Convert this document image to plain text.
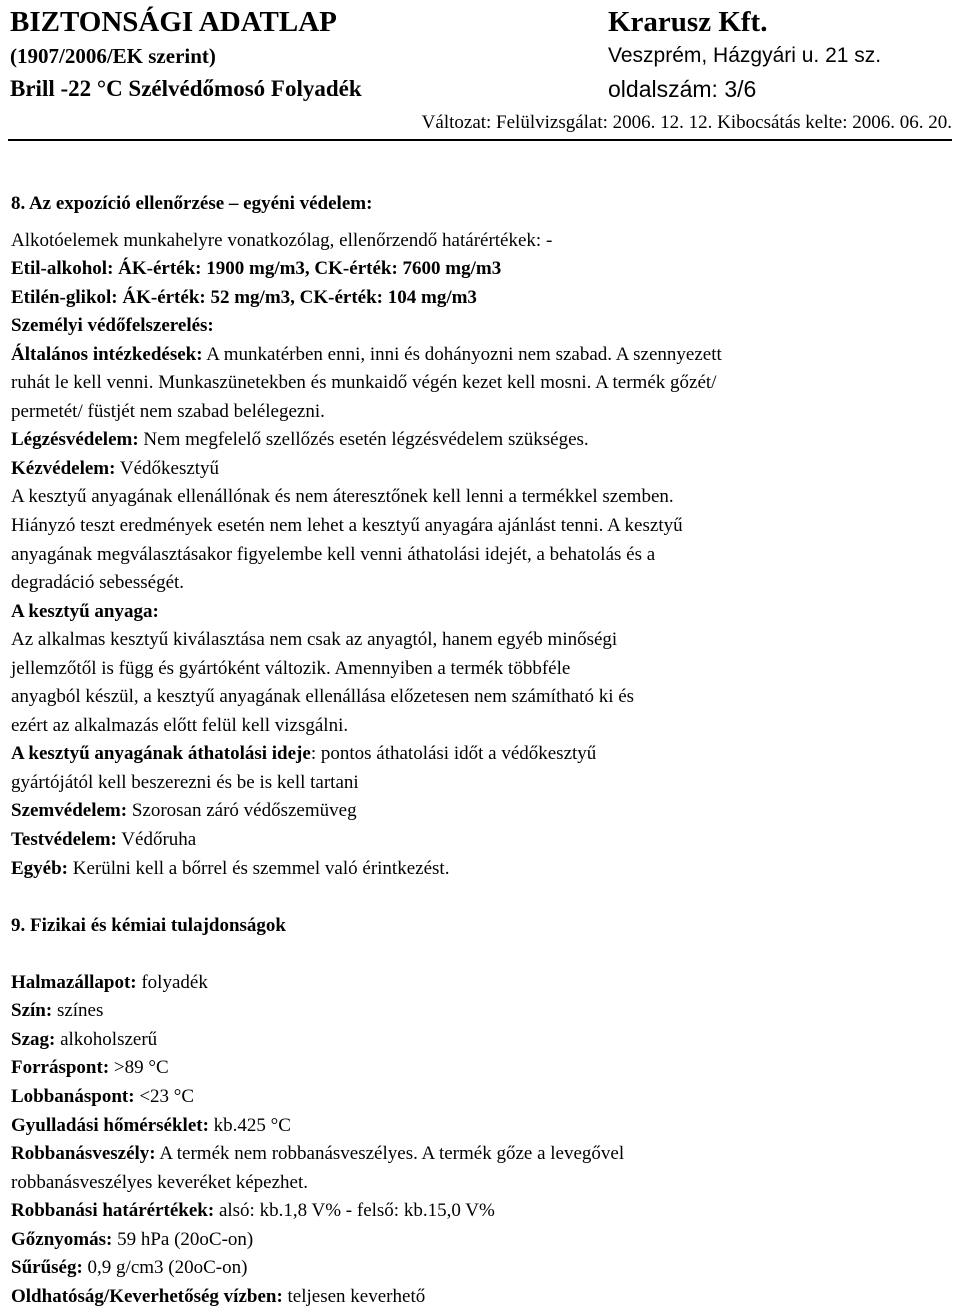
BIZTONSÁGI ADATLAP	Krarusz Kft.
(1907/2006/EK szerint)	Veszprém, Házgyári u. 21 sz.
Brill -22 °C Szélvédőmosó Folyadék	oldalszám: 3/6
Változat: Felülvizsgálat: 2006. 12. 12. Kibocsátás kelte: 2006. 06. 20.

8. Az expozíció ellenőrzése – egyéni védelem:

Alkotóelemek munkahelyre vonatkozólag, ellenőrzendő határértékek: -

Etil-alkohol: ÁK-érték: 1900 mg/m3, CK-érték: 7600 mg/m3

Etilén-glikol: ÁK-érték: 52 mg/m3, CK-érték: 104 mg/m3

Személyi védőfelszerelés:

Általános intézkedések: A munkatérben enni, inni és dohányozni nem szabad. A szennyezett

ruhát le kell venni. Munkaszünetekben és munkaidő végén kezet kell mosni. A termék gőzét/

permetét/ füstjét nem szabad belélegezni.

Légzésvédelem: Nem megfelelő szellőzés esetén légzésvédelem szükséges.

Kézvédelem: Védőkesztyű

A kesztyű anyagának ellenállónak és nem áteresztőnek kell lenni a termékkel szemben.

Hiányzó teszt eredmények esetén nem lehet a kesztyű anyagára ajánlást tenni. A kesztyű

anyagának megválasztásakor figyelembe kell venni áthatolási idejét, a behatolás és a

degradáció sebességét.

A kesztyű anyaga:

Az alkalmas kesztyű kiválasztása nem csak az anyagtól, hanem egyéb minőségi

jellemzőtől is függ és gyártóként változik. Amennyiben a termék többféle

anyagból készül, a kesztyű anyagának ellenállása előzetesen nem számítható ki és

ezért az alkalmazás előtt felül kell vizsgálni.

A kesztyű anyagának áthatolási ideje: pontos áthatolási időt a védőkesztyű

gyártójától kell beszerezni és be is kell tartani

Szemvédelem: Szorosan záró védőszemüveg

Testvédelem: Védőruha

Egyéb: Kerülni kell a bőrrel és szemmel való érintkezést.

9. Fizikai és kémiai tulajdonságok

Halmazállapot: folyadék

Szín: színes

Szag: alkoholszerű

Forráspont: >89 °C

Lobbanáspont: <23 °C

Gyulladási hőmérséklet: kb.425 °C

Robbanásveszély: A termék nem robbanásveszélyes. A termék gőze a levegővel

robbanásveszélyes keveréket képezhet.

Robbanási határértékek: alsó: kb.1,8 V% - felső: kb.15,0 V%

Gőznyomás: 59 hPa (20oC-on)

Sűrűség: 0,9 g/cm3 (20oC-on)

Oldhatóság/Keverhetőség vízben: teljesen keverhető
